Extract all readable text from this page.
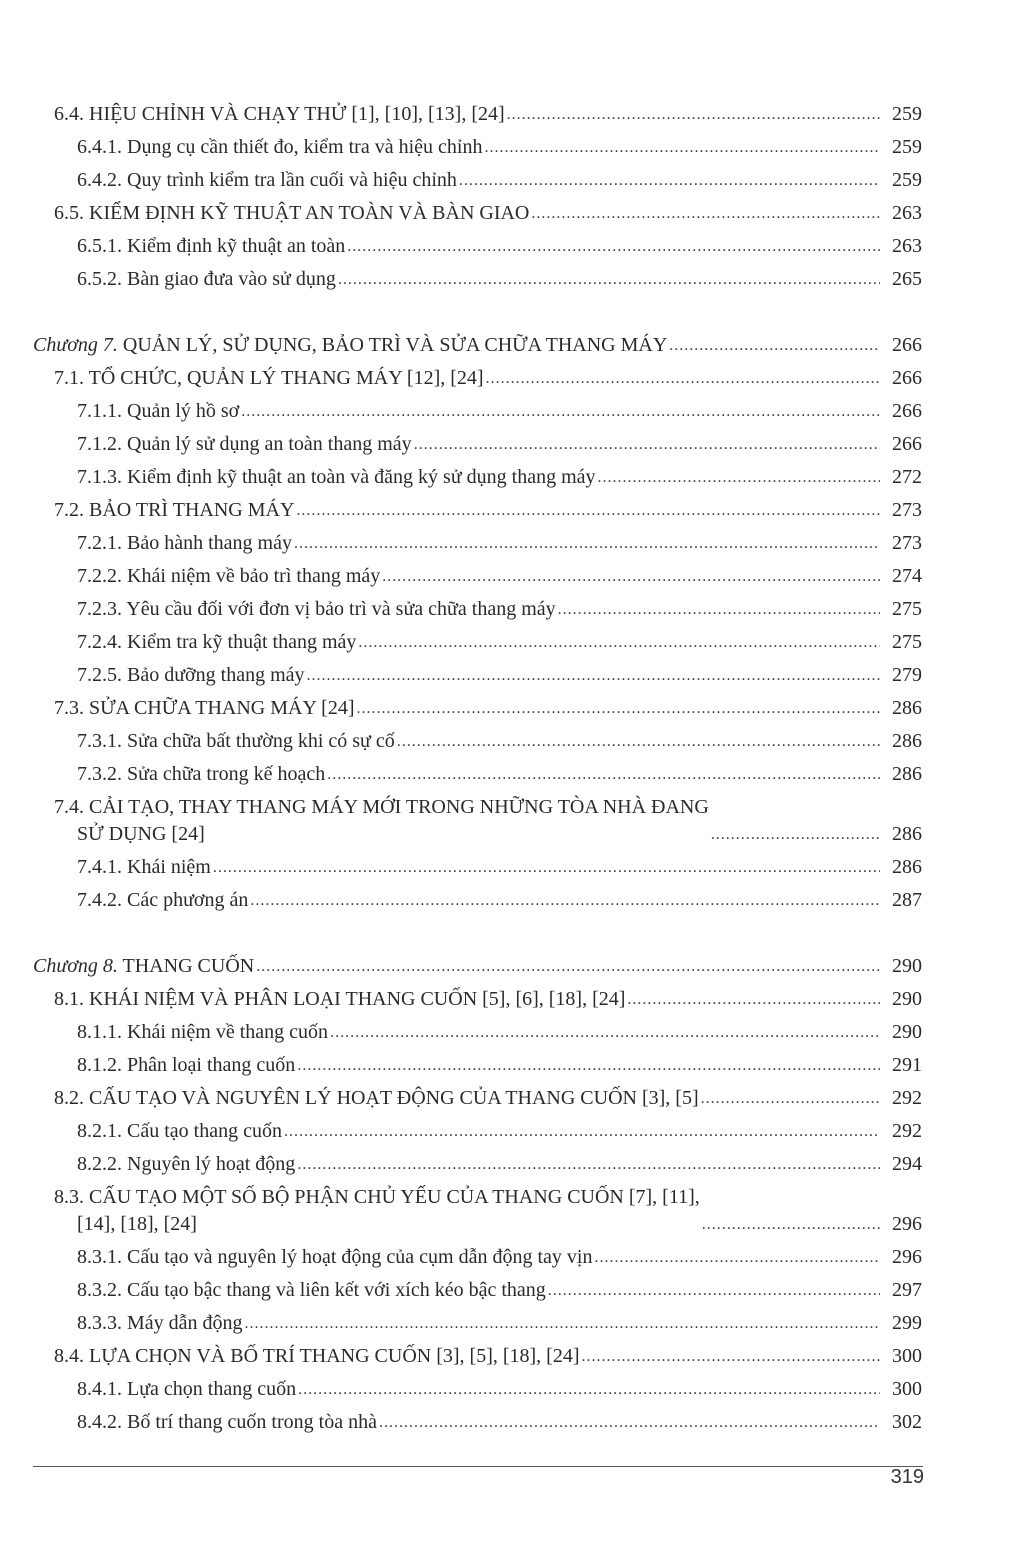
6.4. HIỆU CHỈNH VÀ CHẠY THỬ [1], [10], [13], [24] .....	259
6.4.1. Dụng cụ cần thiết đo, kiểm tra và hiệu chỉnh .....	259
6.4.2. Quy trình kiểm tra lần cuối và hiệu chỉnh .....	259
6.5. KIỂM ĐỊNH KỸ THUẬT AN TOÀN VÀ BÀN GIAO .....	263
6.5.1. Kiểm định kỹ thuật an toàn .....	263
6.5.2. Bàn giao đưa vào sử dụng .....	265
Chương 7. QUẢN LÝ, SỬ DỤNG, BẢO TRÌ VÀ SỬA CHỮA THANG MÁY .....	266
7.1. TỔ CHỨC, QUẢN LÝ THANG MÁY [12], [24] .....	266
7.1.1. Quản lý hồ sơ .....	266
7.1.2. Quản lý sử dụng an toàn thang máy .....	266
7.1.3. Kiểm định kỹ thuật an toàn và đăng ký sử dụng thang máy .....	272
7.2. BẢO TRÌ THANG MÁY .....	273
7.2.1. Bảo hành thang máy .....	273
7.2.2. Khái niệm về bảo trì thang máy .....	274
7.2.3. Yêu cầu đối với đơn vị bảo trì và sửa chữa thang máy .....	275
7.2.4. Kiểm tra kỹ thuật thang máy .....	275
7.2.5. Bảo dưỡng thang máy .....	279
7.3. SỬA CHỮA THANG MÁY [24] .....	286
7.3.1. Sửa chữa bất thường khi có sự cố .....	286
7.3.2. Sửa chữa trong kế hoạch .....	286
7.4. CẢI TẠO, THAY THANG MÁY MỚI TRONG NHỮNG TÒA NHÀ ĐANG
SỬ DỤNG [24] .....	286
7.4.1. Khái niệm .....	286
7.4.2. Các phương án .....	287
Chương 8. THANG CUỐN .....	290
8.1. KHÁI NIỆM VÀ PHÂN LOẠI THANG CUỐN [5], [6], [18], [24] .....	290
8.1.1. Khái niệm về thang cuốn .....	290
8.1.2. Phân loại thang cuốn .....	291
8.2. CẤU TẠO VÀ NGUYÊN LÝ HOẠT ĐỘNG CỦA THANG CUỐN [3], [5] .....	292
8.2.1. Cấu tạo thang cuốn .....	292
8.2.2. Nguyên lý hoạt động .....	294
8.3. CẤU TẠO MỘT SỐ BỘ PHẬN CHỦ YẾU CỦA THANG CUỐN [7], [11],
[14], [18], [24] .....	296
8.3.1. Cấu tạo và nguyên lý hoạt động của cụm dẫn động tay vịn .....	296
8.3.2. Cấu tạo bậc thang và liên kết với xích kéo bậc thang .....	297
8.3.3. Máy dẫn động .....	299
8.4. LỰA CHỌN VÀ BỐ TRÍ THANG CUỐN [3], [5], [18], [24] .....	300
8.4.1. Lựa chọn thang cuốn .....	300
8.4.2. Bố trí thang cuốn trong tòa nhà .....	302
319
